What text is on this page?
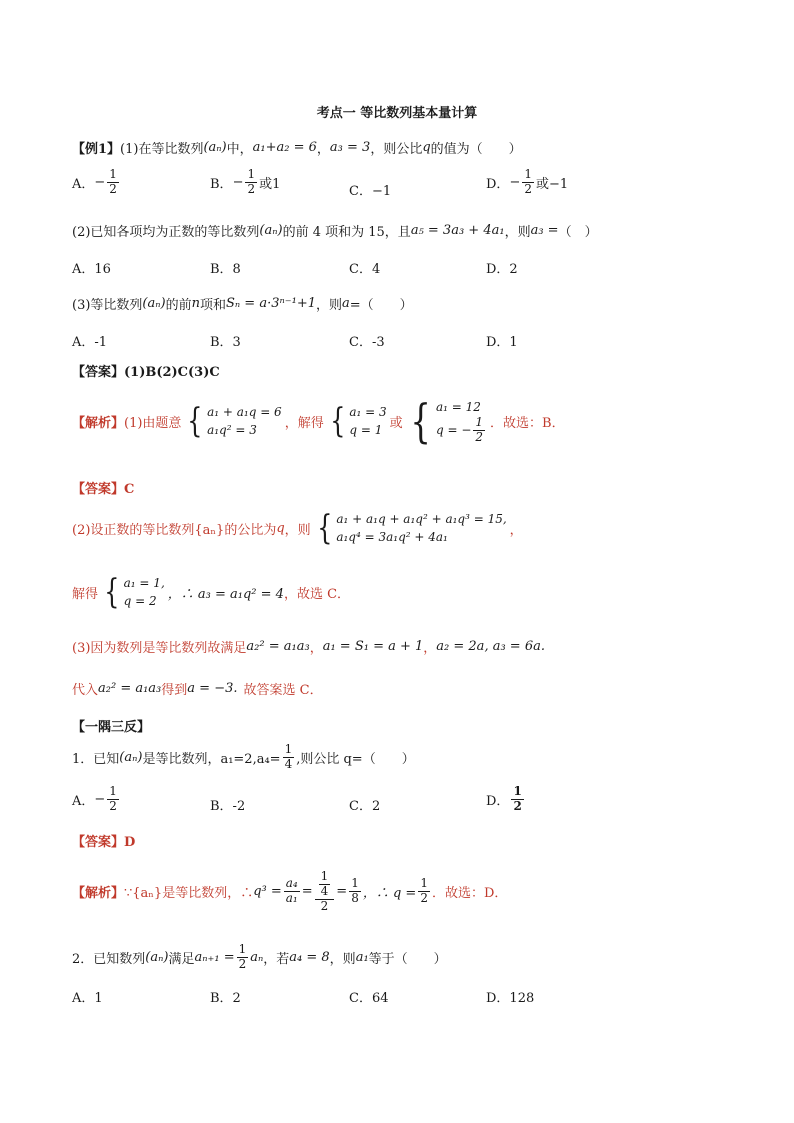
考点一 等比数列基本量计算
【例1】 (1)在等比数列 (aₙ) 中， a₁+a₂ = 6 ， a₃ = 3 ，则公比 q 的值为（　　）
A． − $\frac{1}{2}$	B． − $\frac{1}{2}$ 或1	C．−1	D． − $\frac{1}{2}$ 或−1
(2)已知各项均为正数的等比数列 (aₙ) 的前 4 项和为 15，且 a₅ = 3a₃ + 4a₁ ，则 a₃ = （　）
A．16	B．8	C．4	D．2
(3)等比数列 (aₙ) 的前 n 项和 Sₙ = a·3ⁿ⁻¹+1 ，则 a =（　　）
A．-1	B．3	C．-3	D．1
【答案】(1)B(2)C(3)C
【解析】 (1)由题意 { a₁ + a₁q = 6
a₁q² = 3	，解得 { a₁ = 3
q = 1 或 { a₁ = 12
q = − $\frac{1}{2}$ ．故选：B．
【答案】C
(2)设正数的等比数列{aₙ}的公比为 q ，则 { a₁ + a₁q + a₁q² + a₁q³ = 15,
a₁q⁴ = 3a₁q² + 4a₁	，
解得 { a₁ = 1,
q = 2 ，∴ a₃ = a₁q² = 4 ，故选 C．
(3)因为数列是等比数列故满足 a₂² = a₁a₃ ， a₁ = S₁ = a + 1 ， a₂ = 2a, a₃ = 6a.
代入 a₂² = a₁a₃ 得到 a = −3. 故答案选 C．
【一隅三反】
1．已知 (aₙ) 是等比数列，$a_1=2,a_4= \frac{1}{4}$ ,则公比 q=（　　）
A． − $\frac{1}{2}$	B．-2	C．2	D． $\frac{1}{2}$
【答案】D
【解析】 ∵{aₙ}是等比数列，∴ $q^3 = \frac{\text{a₄}}{\text{a₁}} = \frac{\frac{1}{4}}{2} = \frac{1}{8}$ ，∴ $q = \frac{1}{2}$ ．故选：D．
2．已知数列 (aₙ) 满足 $a_{n+1} = \frac{1}{2}$ aₙ ，若 a₄ = 8 ，则 a₁ 等于（　　）
A．1	B．2	C．64	D．128
